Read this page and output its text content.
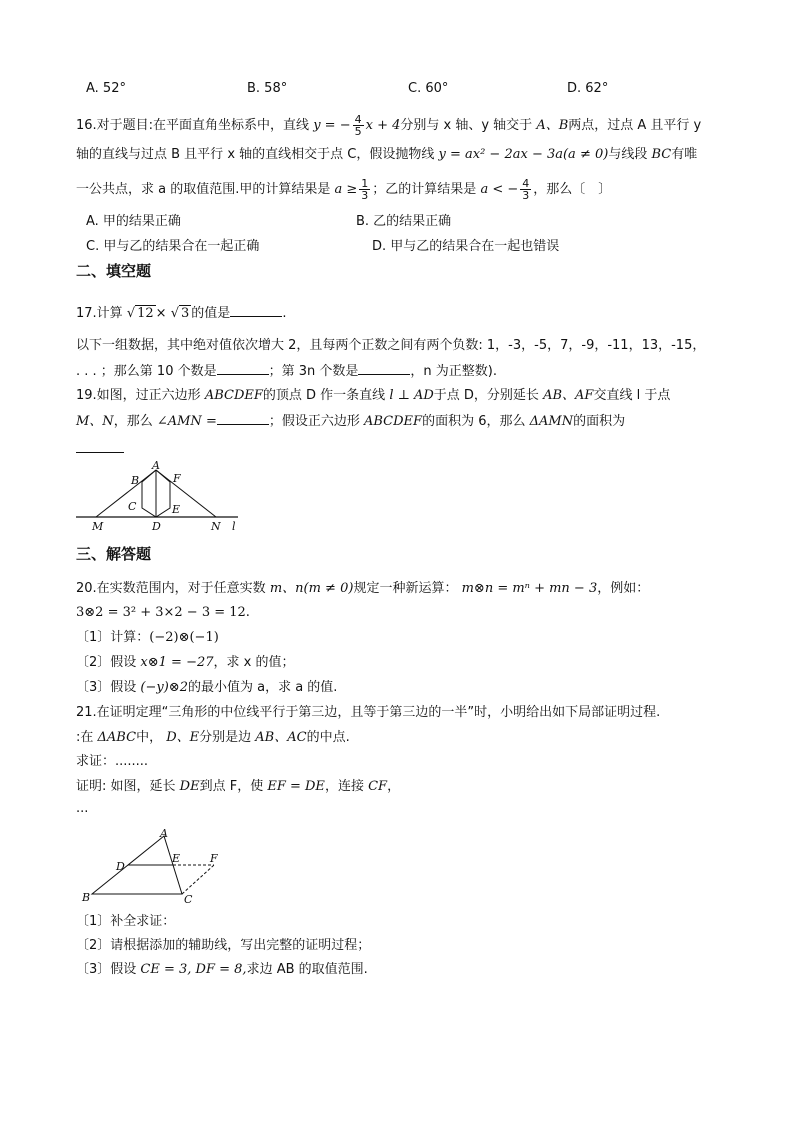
A. 52°	B. 58°	C. 60°	D. 62°
16.对于题目:在平面直角坐标系中，直线 y = − $\frac{4}{5}$ x + 4分别与 x 轴、y 轴交于 A、B两点，过点 A 且平行 y
轴的直线与过点 B 且平行 x 轴的直线相交于点 C，假设抛物线 y = ax² − 2ax − 3a(a ≠ 0)与线段 BC有唯
一公共点，求 a 的取值范围.甲的计算结果是 $a \ge \frac{1}{3}$ ；乙的计算结果是 a < − $\frac{4}{3}$ ，那么〔　〕
A. 甲的结果正确	B. 乙的结果正确
C. 甲与乙的结果合在一起正确	D. 甲与乙的结果合在一起也错误
二、填空题
17.计算 √ 12 × √ 3 的值是	.
以下一组数据，其中绝对值依次增大 2，且每两个正数之间有两个负数: 1，-3，-5，7，-9，-11，13，-15，
. . . ；那么第 10 个数是	；第 3n 个数是	，n 为正整数).
19.如图，过正六边形 ABCDEF的顶点 D 作一条直线 l ⊥ AD于点 D，分别延长 AB、AF交直线 l 于点
M、N，那么 ∠AMN =	；假设正六边形 ABCDEF的面积为 6，那么 ΔAMN的面积为
A
B	F
C	E
M	D	N l
三、解答题
20.在实数范围内，对于任意实数 m、n(m ≠ 0)规定一种新运算： m⊗n = mⁿ + mn − 3，例如：
3⊗2 = 3² + 3×2 − 3 = 12.
〔1〕计算：(−2)⊗(−1)
〔2〕假设 x⊗1 = −27，求 x 的值；
〔3〕假设 (−y)⊗2的最小值为 a，求 a 的值.
21.在证明定理“三角形的中位线平行于第三边，且等于第三边的一半”时，小明给出如下局部证明过程.
:在 ΔABC中， D、E分别是边 AB、AC的中点.
求证：........
证明: 如图，延长 DE到点 F，使 EF = DE，连接 CF，
...
A
D
E	F
B	C
〔1〕补全求证：
〔2〕请根据添加的辅助线，写出完整的证明过程；
〔3〕假设 CE = 3, DF = 8,求边 AB 的取值范围.
